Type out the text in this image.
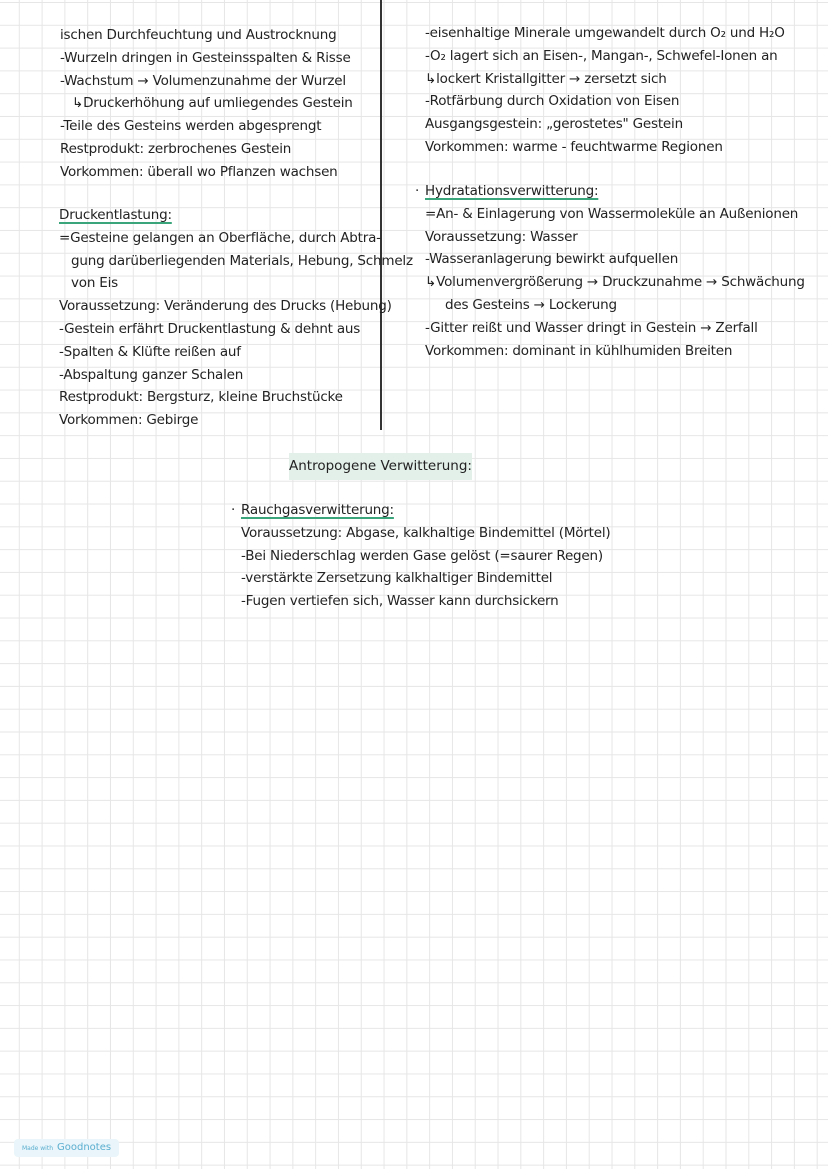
ischen Durchfeuchtung und Austrocknung
-Wurzeln dringen in Gesteinsspalten & Risse
-Wachstum → Volumenzunahme der Wurzel
↳Druckerhöhung auf umliegendes Gestein
-Teile des Gesteins werden abgesprengt
Restprodukt: zerbrochenes Gestein
Vorkommen: überall wo Pflanzen wachsen
Druckentlastung:
=Gesteine gelangen an Oberfläche, durch Abtra-
gung darüberliegenden Materials, Hebung, Schmelz
von Eis
Voraussetzung: Veränderung des Drucks (Hebung)
-Gestein erfährt Druckentlastung & dehnt aus
-Spalten & Klüfte reißen auf
-Abspaltung ganzer Schalen
Restprodukt: Bergsturz, kleine Bruchstücke
Vorkommen: Gebirge
-eisenhaltige Minerale umgewandelt durch O₂ und H₂O
-O₂ lagert sich an Eisen-, Mangan-, Schwefel-Ionen an
↳lockert Kristallgitter → zersetzt sich
-Rotfärbung durch Oxidation von Eisen
Ausgangsgestein: „gerostetes" Gestein
Vorkommen: warme - feuchtwarme Regionen
· Hydratationsverwitterung:
=An- & Einlagerung von Wassermoleküle an Außenionen
Voraussetzung: Wasser
-Wasseranlagerung bewirkt aufquellen
↳Volumenvergrößerung → Druckzunahme → Schwächung
des Gesteins → Lockerung
-Gitter reißt und Wasser dringt in Gestein → Zerfall
Vorkommen: dominant in kühlhumiden Breiten
Antropogene Verwitterung:
· Rauchgasverwitterung:
Voraussetzung: Abgase, kalkhaltige Bindemittel (Mörtel)
-Bei Niederschlag werden Gase gelöst (=saurer Regen)
-verstärkte Zersetzung kalkhaltiger Bindemittel
-Fugen vertiefen sich, Wasser kann durchsickern
Made with Goodnotes
